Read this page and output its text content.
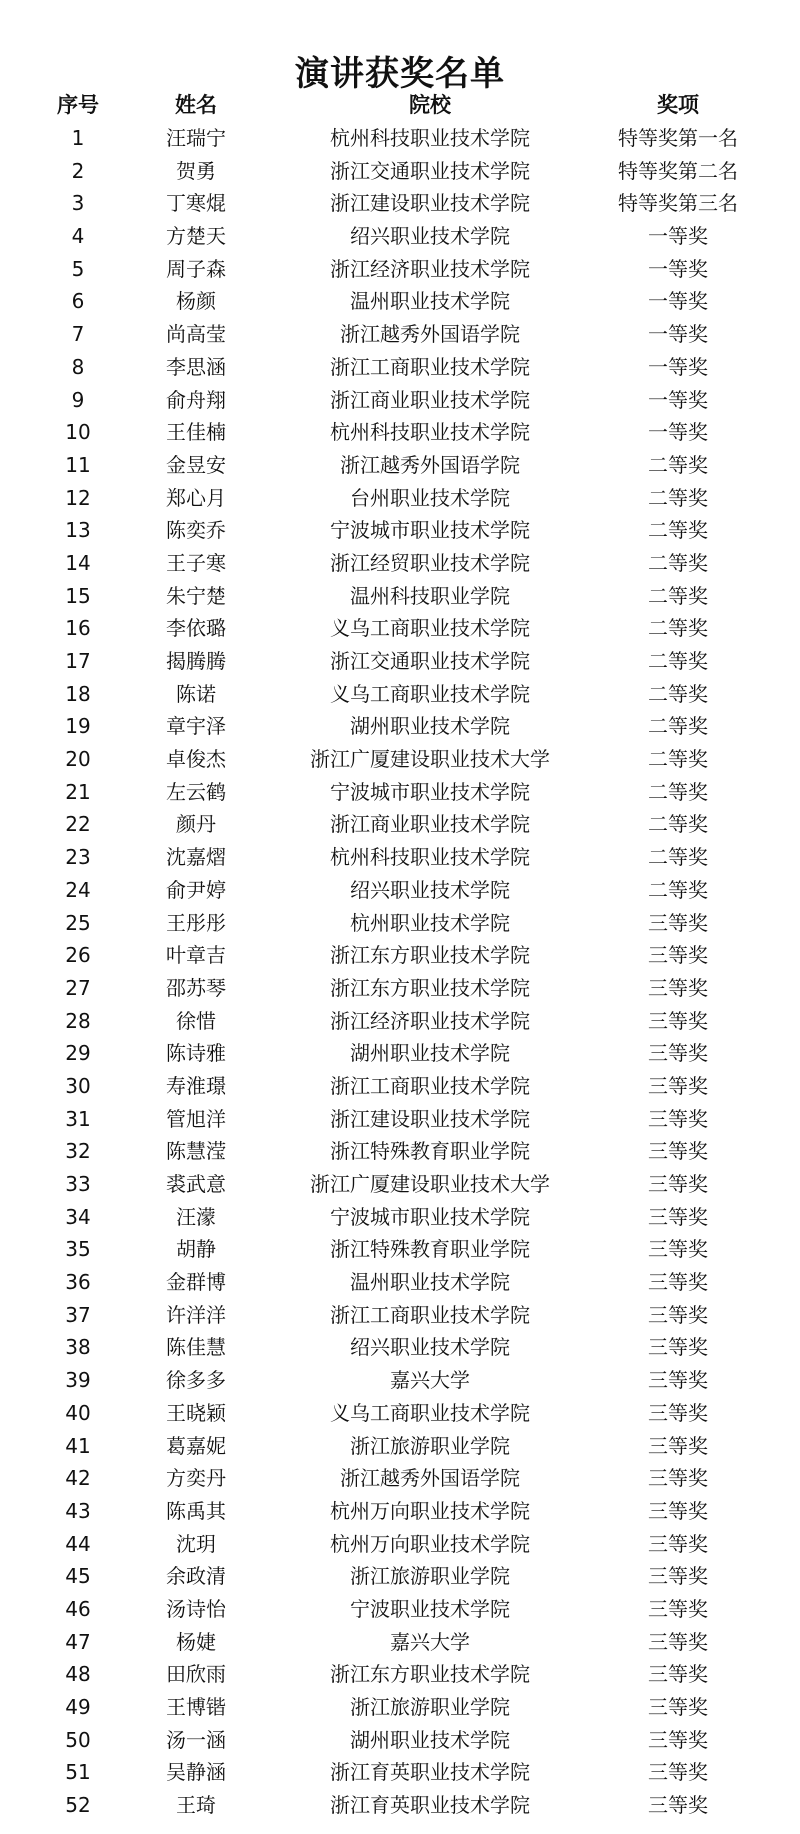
演讲获奖名单
序号	姓名	院校	奖项
1	汪瑞宁	杭州科技职业技术学院	特等奖第一名
2	贺勇	浙江交通职业技术学院	特等奖第二名
3	丁寒焜	浙江建设职业技术学院	特等奖第三名
4	方楚天	绍兴职业技术学院	一等奖
5	周子森	浙江经济职业技术学院	一等奖
6	杨颜	温州职业技术学院	一等奖
7	尚高莹	浙江越秀外国语学院	一等奖
8	李思涵	浙江工商职业技术学院	一等奖
9	俞舟翔	浙江商业职业技术学院	一等奖
10	王佳楠	杭州科技职业技术学院	一等奖
11	金昱安	浙江越秀外国语学院	二等奖
12	郑心月	台州职业技术学院	二等奖
13	陈奕乔	宁波城市职业技术学院	二等奖
14	王子寒	浙江经贸职业技术学院	二等奖
15	朱宁楚	温州科技职业学院	二等奖
16	李依璐	义乌工商职业技术学院	二等奖
17	揭腾腾	浙江交通职业技术学院	二等奖
18	陈诺	义乌工商职业技术学院	二等奖
19	章宇泽	湖州职业技术学院	二等奖
20	卓俊杰	浙江广厦建设职业技术大学	二等奖
21	左云鹤	宁波城市职业技术学院	二等奖
22	颜丹	浙江商业职业技术学院	二等奖
23	沈嘉熠	杭州科技职业技术学院	二等奖
24	俞尹婷	绍兴职业技术学院	二等奖
25	王彤彤	杭州职业技术学院	三等奖
26	叶章吉	浙江东方职业技术学院	三等奖
27	邵苏琴	浙江东方职业技术学院	三等奖
28	徐惜	浙江经济职业技术学院	三等奖
29	陈诗雅	湖州职业技术学院	三等奖
30	寿淮璟	浙江工商职业技术学院	三等奖
31	管旭洋	浙江建设职业技术学院	三等奖
32	陈慧滢	浙江特殊教育职业学院	三等奖
33	裘武意	浙江广厦建设职业技术大学	三等奖
34	汪濛	宁波城市职业技术学院	三等奖
35	胡静	浙江特殊教育职业学院	三等奖
36	金群博	温州职业技术学院	三等奖
37	许洋洋	浙江工商职业技术学院	三等奖
38	陈佳慧	绍兴职业技术学院	三等奖
39	徐多多	嘉兴大学	三等奖
40	王晓颖	义乌工商职业技术学院	三等奖
41	葛嘉妮	浙江旅游职业学院	三等奖
42	方奕丹	浙江越秀外国语学院	三等奖
43	陈禹其	杭州万向职业技术学院	三等奖
44	沈玥	杭州万向职业技术学院	三等奖
45	余政清	浙江旅游职业学院	三等奖
46	汤诗怡	宁波职业技术学院	三等奖
47	杨婕	嘉兴大学	三等奖
48	田欣雨	浙江东方职业技术学院	三等奖
49	王博锴	浙江旅游职业学院	三等奖
50	汤一涵	湖州职业技术学院	三等奖
51	吴静涵	浙江育英职业技术学院	三等奖
52	王琦	浙江育英职业技术学院	三等奖
